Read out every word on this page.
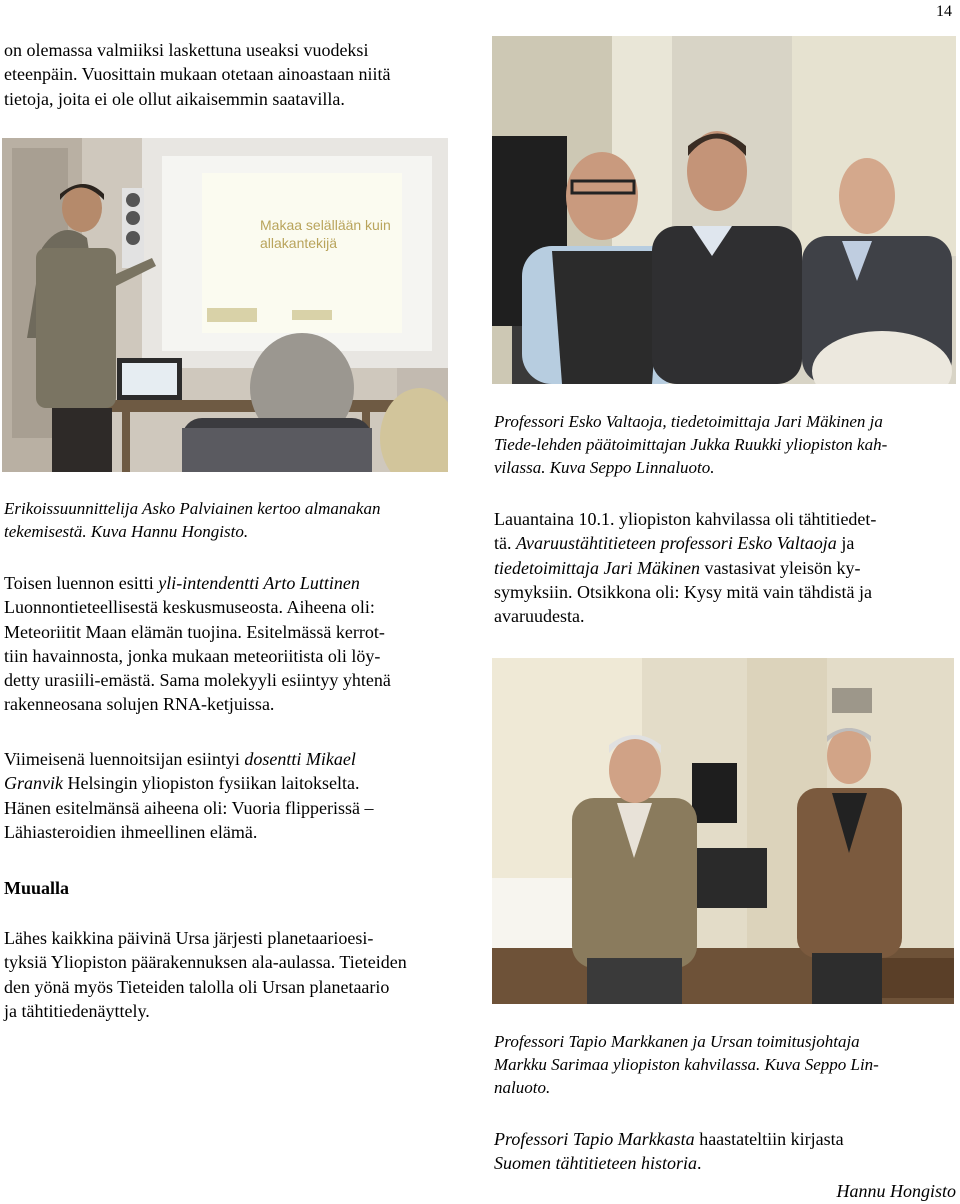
14
on olemassa valmiiksi laskettuna useaksi vuodeksi
eteenpäin. Vuosittain mukaan otetaan ainoastaan niitä
tietoja, joita ei ole ollut aikaisemmin saatavilla.
Makaa selällään kuin
allakantekijä
Erikoissuunnittelija Asko Palviainen kertoo almanakan
tekemisestä. Kuva Hannu Hongisto.
Toisen luennon esitti yli-intendentti Arto Luttinen
Luonnontieteellisestä keskusmuseosta. Aiheena oli:
Meteoriitit Maan elämän tuojina. Esitelmässä kerrot-
tiin havainnosta, jonka mukaan meteoriitista oli löy-
detty urasiili-emästä. Sama molekyyli esiintyy yhtenä
rakenneosana solujen RNA-ketjuissa.
Viimeisenä luennoitsijan esiintyi dosentti Mikael
Granvik Helsingin yliopiston fysiikan laitokselta.
Hänen esitelmänsä aiheena oli: Vuoria flipperissä –
Lähiasteroidien ihmeellinen elämä.
Muualla
Lähes kaikkina päivinä Ursa järjesti planetaarioesi-
tyksiä Yliopiston päärakennuksen ala-aulassa. Tieteiden
den yönä myös Tieteiden talolla oli Ursan planetaario
ja tähtitiedenäyttely.
Professori Esko Valtaoja, tiedetoimittaja Jari Mäkinen ja
Tiede-lehden päätoimittajan Jukka Ruukki yliopiston kah-
vilassa. Kuva Seppo Linnaluoto.
Lauantaina 10.1. yliopiston kahvilassa oli tähtitiedet-
tä. Avaruustähtitieteen professori Esko Valtaoja ja
tiedetoimittaja Jari Mäkinen vastasivat yleisön ky-
symyksiin. Otsikkona oli: Kysy mitä vain tähdistä ja
avaruudesta.
Professori Tapio Markkanen ja Ursan toimitusjohtaja
Markku Sarimaa yliopiston kahvilassa. Kuva Seppo Lin-
naluoto.
Professori Tapio Markkasta haastateltiin kirjasta
Suomen tähtitieteen historia.
Hannu Hongisto
